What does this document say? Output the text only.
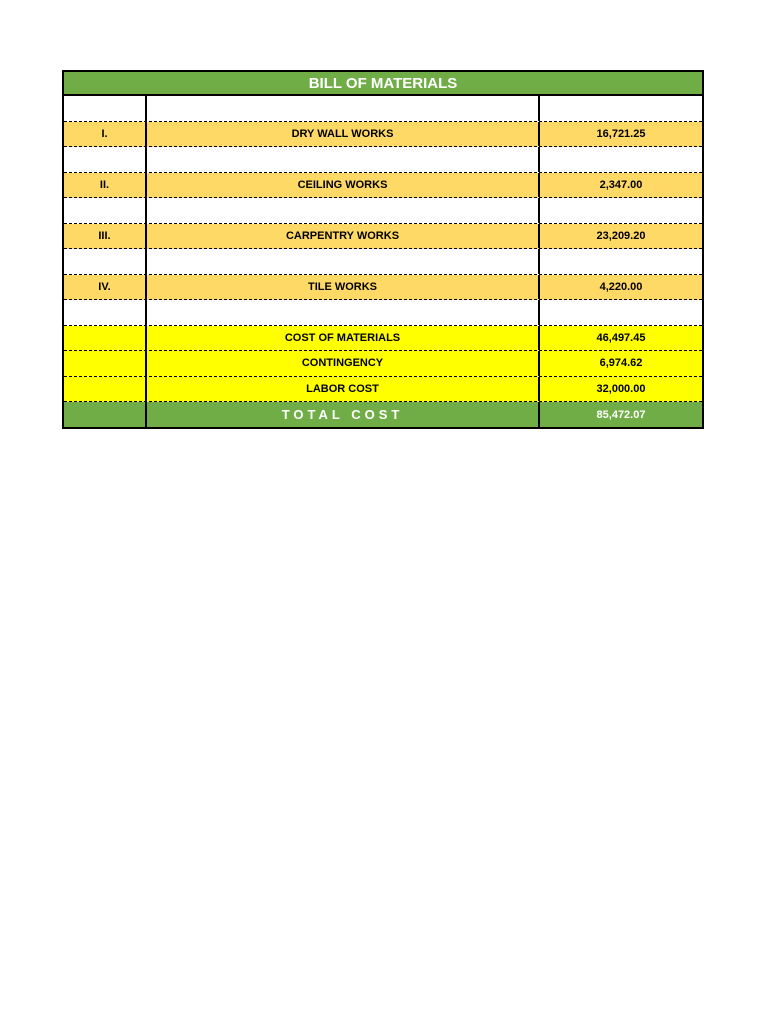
BILL OF MATERIALS
I.	DRY WALL WORKS	16,721.25
II.	CEILING WORKS	2,347.00
III.	CARPENTRY WORKS	23,209.20
IV.	TILE WORKS	4,220.00
COST OF MATERIALS	46,497.45
CONTINGENCY	6,974.62
LABOR COST	32,000.00
TOTAL COST	85,472.07
